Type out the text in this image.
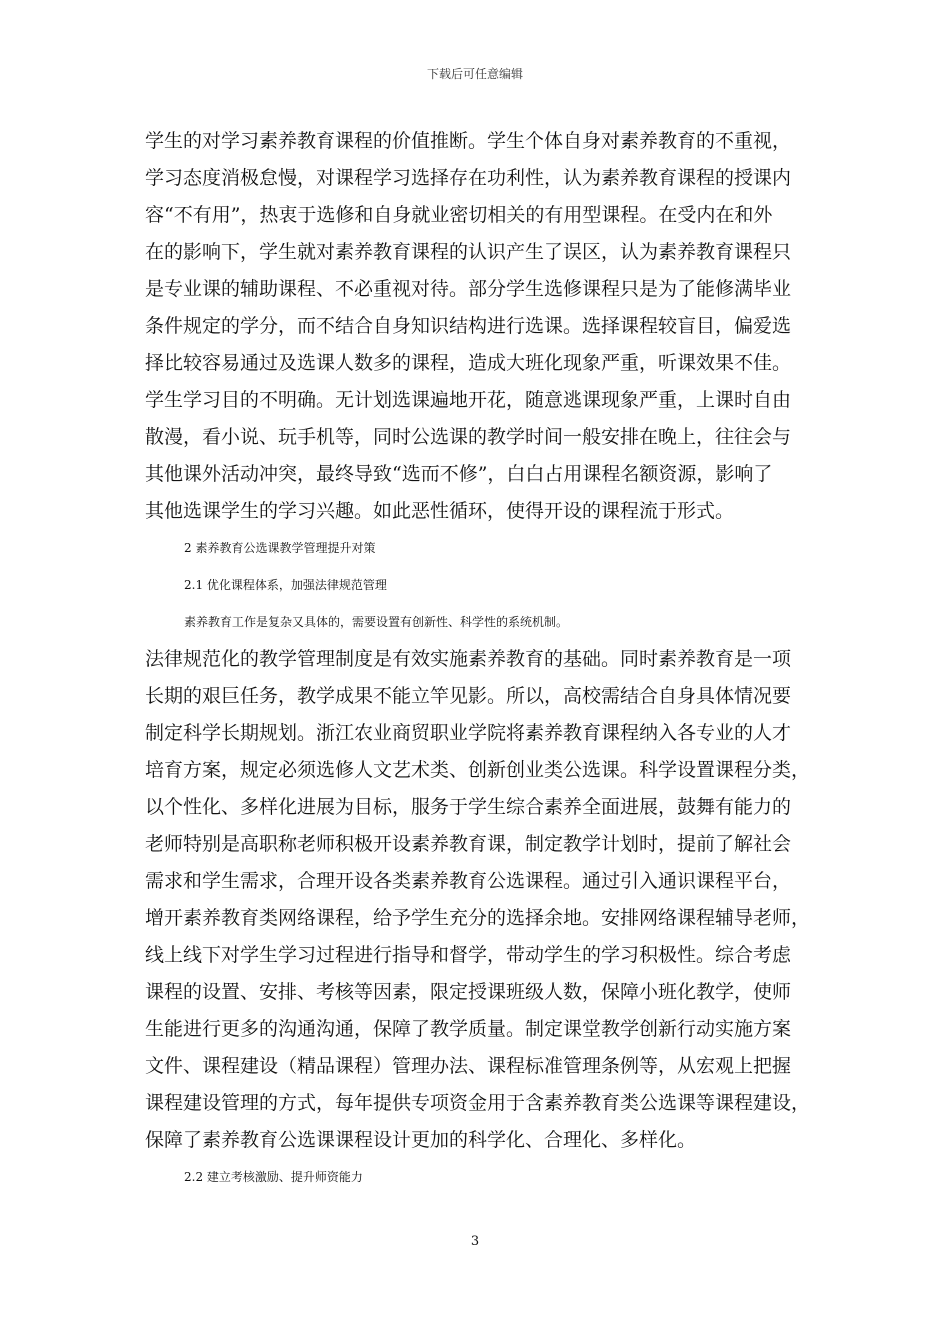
下载后可任意编辑
学生的对学习素养教育课程的价值推断。学生个体自身对素养教育的不重视，
学习态度消极怠慢，对课程学习选择存在功利性，认为素养教育课程的授课内
容“不有用”，热衷于选修和自身就业密切相关的有用型课程。在受内在和外
在的影响下，学生就对素养教育课程的认识产生了误区，认为素养教育课程只
是专业课的辅助课程、不必重视对待。部分学生选修课程只是为了能修满毕业
条件规定的学分，而不结合自身知识结构进行选课。选择课程较盲目，偏爱选
择比较容易通过及选课人数多的课程，造成大班化现象严重，听课效果不佳。
学生学习目的不明确。无计划选课遍地开花，随意逃课现象严重，上课时自由
散漫，看小说、玩手机等，同时公选课的教学时间一般安排在晚上，往往会与
其他课外活动冲突，最终导致“选而不修”，白白占用课程名额资源，影响了
其他选课学生的学习兴趣。如此恶性循环，使得开设的课程流于形式。
2 素养教育公选课教学管理提升对策
2.1 优化课程体系，加强法律规范管理
素养教育工作是复杂又具体的，需要设置有创新性、科学性的系统机制。
法律规范化的教学管理制度是有效实施素养教育的基础。同时素养教育是一项
长期的艰巨任务，教学成果不能立竿见影。所以，高校需结合自身具体情况要
制定科学长期规划。浙江农业商贸职业学院将素养教育课程纳入各专业的人才
培育方案，规定必须选修人文艺术类、创新创业类公选课。科学设置课程分类，
以个性化、多样化进展为目标，服务于学生综合素养全面进展，鼓舞有能力的
老师特别是高职称老师积极开设素养教育课，制定教学计划时，提前了解社会
需求和学生需求，合理开设各类素养教育公选课程。通过引入通识课程平台，
增开素养教育类网络课程，给予学生充分的选择余地。安排网络课程辅导老师，
线上线下对学生学习过程进行指导和督学，带动学生的学习积极性。综合考虑
课程的设置、安排、考核等因素，限定授课班级人数，保障小班化教学，使师
生能进行更多的沟通沟通，保障了教学质量。制定课堂教学创新行动实施方案
文件、课程建设（精品课程）管理办法、课程标准管理条例等，从宏观上把握
课程建设管理的方式，每年提供专项资金用于含素养教育类公选课等课程建设，
保障了素养教育公选课课程设计更加的科学化、合理化、多样化。
2.2 建立考核激励、提升师资能力
3
